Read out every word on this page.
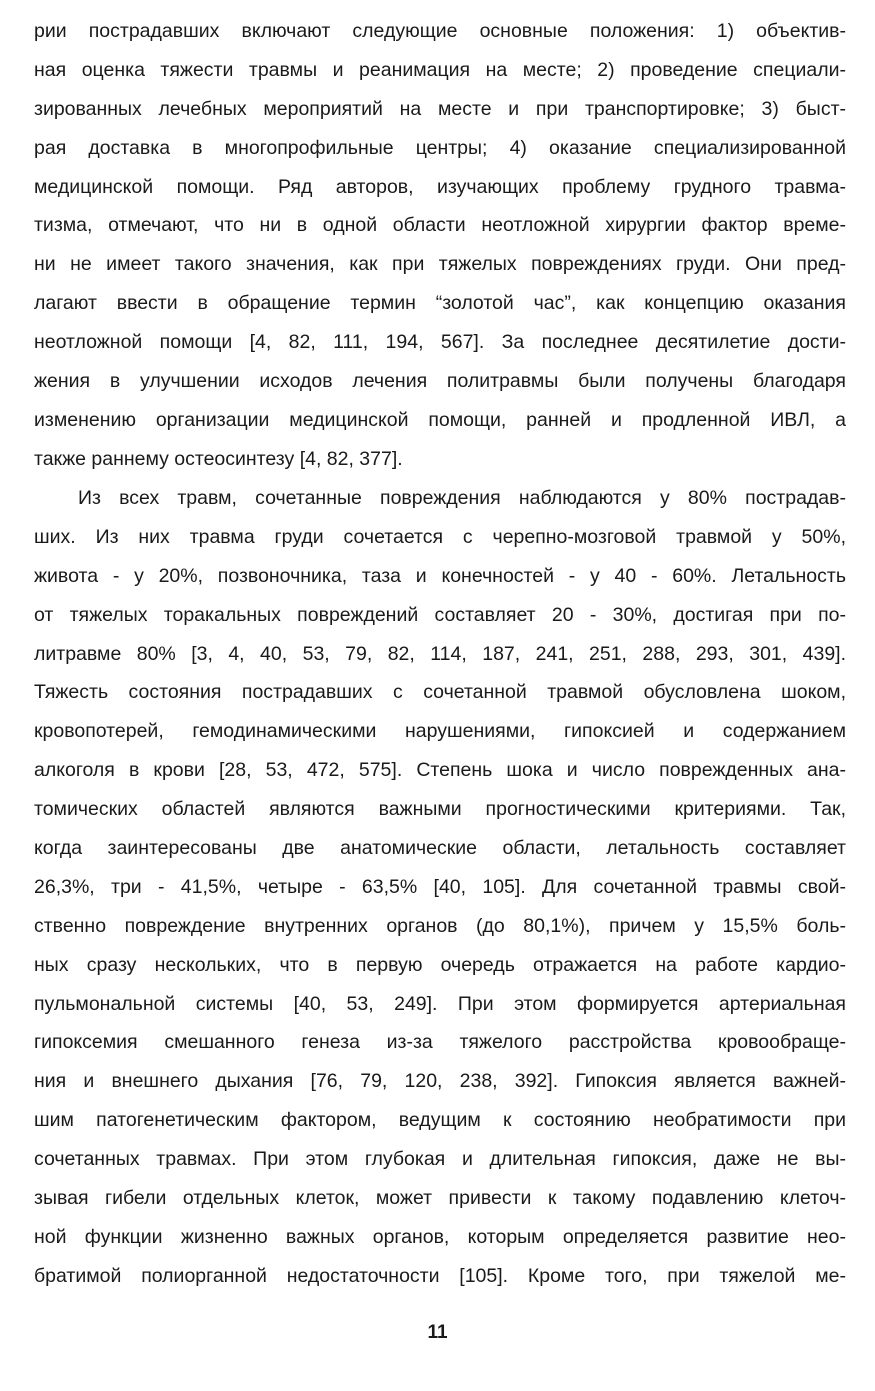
рии пострадавших включают следующие основные положения: 1) объектив-
ная оценка тяжести травмы и реанимация на месте; 2) проведение специали-
зированных лечебных мероприятий на месте и при транспортировке; 3) быст-
рая доставка в многопрофильные центры; 4) оказание специализированной
медицинской помощи. Ряд авторов, изучающих проблему грудного травма-
тизма, отмечают, что ни в одной области неотложной хирургии фактор време-
ни не имеет такого значения, как при тяжелых повреждениях груди. Они пред-
лагают ввести в обращение термин “золотой час”, как концепцию оказания
неотложной помощи [4, 82, 111, 194, 567]. За последнее десятилетие дости-
жения в улучшении исходов лечения политравмы были получены благодаря
изменению организации медицинской помощи, ранней и продленной ИВЛ, а
также раннему остеосинтезу [4, 82, 377].
Из всех травм, сочетанные повреждения наблюдаются у 80% пострадав-
ших. Из них травма груди сочетается с черепно-мозговой травмой у 50%,
живота - у 20%, позвоночника, таза и конечностей - у 40 - 60%. Летальность
от тяжелых торакальных повреждений составляет 20 - 30%, достигая при по-
литравме 80% [3, 4, 40, 53, 79, 82, 114, 187, 241, 251, 288, 293, 301, 439].
Тяжесть состояния пострадавших с сочетанной травмой обусловлена шоком,
кровопотерей, гемодинамическими нарушениями, гипоксией и содержанием
алкоголя в крови [28, 53, 472, 575]. Степень шока и число поврежденных ана-
томических областей являются важными прогностическими критериями. Так,
когда заинтересованы две анатомические области, летальность составляет
26,3%, три - 41,5%, четыре - 63,5% [40, 105]. Для сочетанной травмы свой-
ственно повреждение внутренних органов (до 80,1%), причем у 15,5% боль-
ных сразу нескольких, что в первую очередь отражается на работе кардио-
пульмональной системы [40, 53, 249]. При этом формируется артериальная
гипоксемия смешанного генеза из-за тяжелого расстройства кровообраще-
ния и внешнего дыхания [76, 79, 120, 238, 392]. Гипоксия является важней-
шим патогенетическим фактором, ведущим к состоянию необратимости при
сочетанных травмах. При этом глубокая и длительная гипоксия, даже не вы-
зывая гибели отдельных клеток, может привести к такому подавлению клеточ-
ной функции жизненно важных органов, которым определяется развитие нео-
братимой полиорганной недостаточности [105]. Кроме того, при тяжелой ме-
11
